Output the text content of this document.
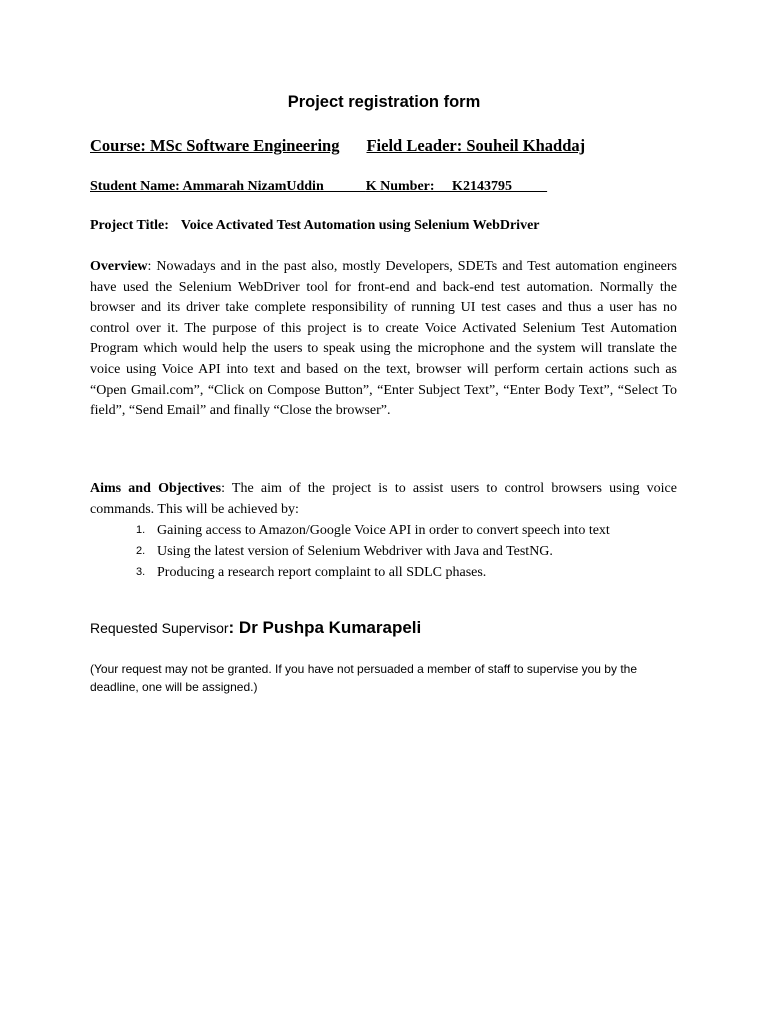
Project registration form
Course: MSc Software Engineering Field Leader: Souheil Khaddaj
Student Name: Ammarah NizamUddin______K Number: __K2143795_____
Project Title: Voice Activated Test Automation using Selenium WebDriver
Overview: Nowadays and in the past also, mostly Developers, SDETs and Test automation engineers have used the Selenium WebDriver tool for front-end and back-end test automation. Normally the browser and its driver take complete responsibility of running UI test cases and thus a user has no control over it. The purpose of this project is to create Voice Activated Selenium Test Automation Program which would help the users to speak using the microphone and the system will translate the voice using Voice API into text and based on the text, browser will perform certain actions such as “Open Gmail.com”, “Click on Compose Button”, “Enter Subject Text”, “Enter Body Text”, “Select To field”, “Send Email” and finally “Close the browser”.
Aims and Objectives: The aim of the project is to assist users to control browsers using voice commands. This will be achieved by:
1. Gaining access to Amazon/Google Voice API in order to convert speech into text
2. Using the latest version of Selenium Webdriver with Java and TestNG.
3. Producing a research report complaint to all SDLC phases.
Requested Supervisor: Dr Pushpa Kumarapeli
(Your request may not be granted. If you have not persuaded a member of staff to supervise you by the deadline, one will be assigned.)
